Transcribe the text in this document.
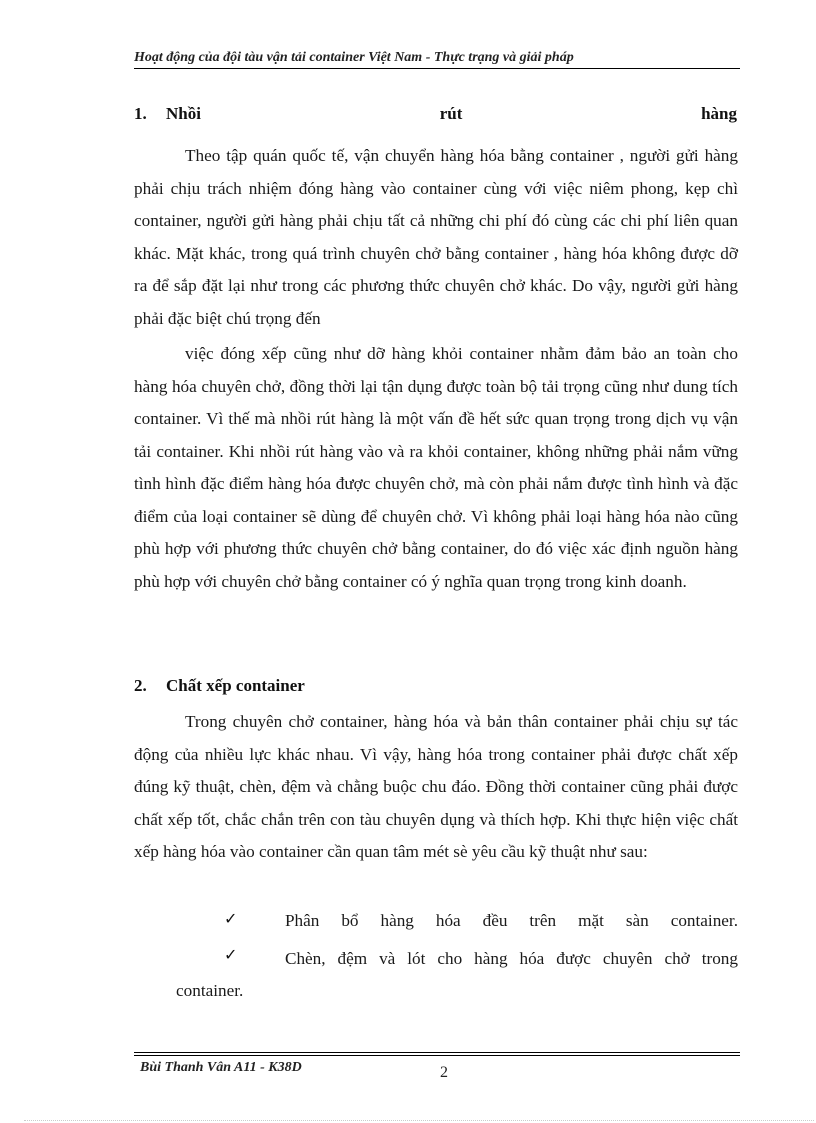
Hoạt động của đội tàu vận tải container Việt Nam - Thực trạng và giải pháp
1.	Nhồi	rút	hàng
Theo tập quán quốc tế, vận chuyển hàng hóa bằng container , người gửi hàng phải chịu trách nhiệm đóng hàng vào container cùng với việc niêm phong, kẹp chì container, người gửi hàng phải chịu tất cả những chi phí đó cùng các chi phí liên quan khác. Mặt khác, trong quá trình chuyên chở bằng container , hàng hóa không được dỡ ra để sắp đặt lại như trong các phương thức chuyên chở khác. Do vậy, người gửi hàng phải đặc biệt chú trọng đến
việc đóng xếp cũng như dỡ hàng khỏi container nhằm đảm bảo an toàn cho hàng hóa chuyên chở, đồng thời lại tận dụng được toàn bộ tải trọng cũng như dung tích container. Vì thế mà nhồi rút hàng là một vấn đề hết sức quan trọng trong dịch vụ vận tải container. Khi nhồi rút hàng vào và ra khỏi container, không những phải nắm vững tình hình đặc điểm hàng hóa được chuyên chở, mà còn phải nắm được tình hình và đặc điểm của loại container sẽ dùng để chuyên chở. Vì không phải loại hàng hóa nào cũng phù hợp với phương thức chuyên chở bằng container, do đó việc xác định nguồn hàng phù hợp với chuyên chở bằng container có ý nghĩa quan trọng trong kinh doanh.
2. Chất xếp container
Trong chuyên chở container, hàng hóa và bản thân container phải chịu sự tác động của nhiều lực khác nhau. Vì vậy, hàng hóa trong container phải được chất xếp đúng kỹ thuật, chèn, đệm và chằng buộc chu đáo. Đồng thời container cũng phải được chất xếp tốt, chắc chắn trên con tàu chuyên dụng và thích hợp. Khi thực hiện việc chất xếp hàng hóa vào container cần quan tâm mét sè yêu cầu kỹ thuật như sau:
✓	Phân bổ hàng hóa đều trên mặt sàn container.
✓	Chèn, đệm và lót cho hàng hóa được chuyên chở trong
container.
Bùi Thanh Vân A11 - K38D	2
